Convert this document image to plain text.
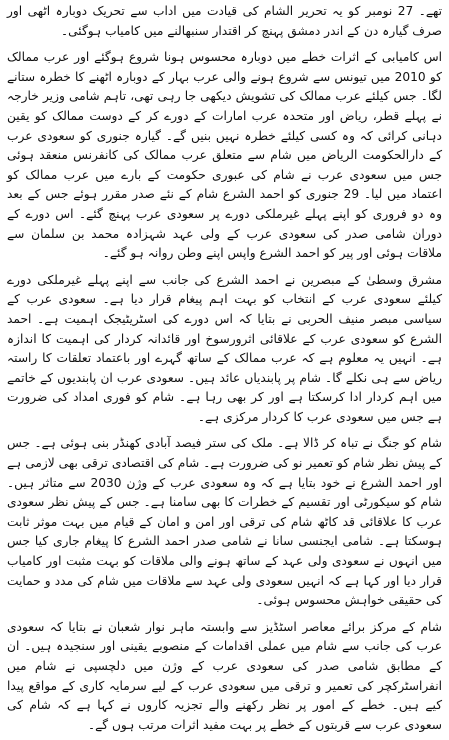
تھے۔ 27 نومبر کو یہ تحریر الشام کی قیادت میں اداب سے تحریک دوبارہ اٹھی اور صرف گیارہ دن کے اندر دمشق پہنچ کر اقتدار سنبھالنے میں کامیاب ہوگئی۔

اس کامیابی کے اثرات خطے میں دوبارہ محسوس ہونا شروع ہوگئے اور عرب ممالک کو 2010 میں تیونس سے شروع ہونے والی عرب بہار کے دوبارہ اٹھنے کا خطرہ ستانے لگا۔ جس کیلئے عرب ممالک کی تشویش دیکھی جا رہی تھی، تاہم شامی وزیر خارجہ نے پہلے قطر، ریاض اور متحدہ عرب امارات کے دورے کر کے دوست ممالک کو یقین دہانی کرائی کہ وہ کسی کیلئے خطرہ نہیں بنیں گے۔ گیارہ جنوری کو سعودی عرب کے دارالحکومت الریاض میں شام سے متعلق عرب ممالک کی کانفرنس منعقد ہوئی جس میں سعودی عرب نے شام کی عبوری حکومت کے بارے میں عرب ممالک کو اعتماد میں لیا۔ 29 جنوری کو احمد الشرع شام کے نئے صدر مقرر ہوئے جس کے بعد وہ دو فروری کو اپنے پہلے غیرملکی دورے پر سعودی عرب پہنچ گئے۔ اس دورے کے دوران شامی صدر کی سعودی عرب کے ولی عہد شہزادہ محمد بن سلمان سے ملاقات ہوئی اور پیر کو احمد الشرع واپس اپنے وطن روانہ ہو گئے۔

مشرق وسطیٰ کے مبصرین نے احمد الشرع کی جانب سے اپنے پہلے غیرملکی دورے کیلئے سعودی عرب کے انتخاب کو بہت اہم پیغام قرار دیا ہے۔ سعودی عرب کے سیاسی مبصر منیف الحربی نے بتایا کہ اس دورے کی اسٹریٹیجک اہمیت ہے۔ احمد الشرع کو سعودی عرب کے علاقائی اثرورسوخ اور قائدانہ کردار کی اہمیت کا اندازہ ہے۔ انہیں یہ معلوم ہے کہ عرب ممالک کے ساتھ گہرے اور باعتماد تعلقات کا راستہ ریاض سے ہی نکلے گا۔ شام پر پابندیاں عائد ہیں۔ سعودی عرب ان پابندیوں کے خاتمے میں اہم کردار ادا کرسکتا ہے اور کر بھی رہا ہے۔ شام کو فوری امداد کی ضرورت ہے جس میں سعودی عرب کا کردار مرکزی ہے۔

شام کو جنگ نے تباہ کر ڈالا ہے۔ ملک کی ستر فیصد آبادی کھنڈر بنی ہوئی ہے۔ جس کے پیش نظر شام کو تعمیر نو کی ضرورت ہے۔ شام کی اقتصادی ترقی بھی لازمی ہے اور احمد الشرع نے خود بتایا ہے کہ وہ سعودی عرب کے وژن 2030 سے متاثر ہیں۔ شام کو سیکورٹی اور تقسیم کے خطرات کا بھی سامنا ہے۔ جس کے پیش نظر سعودی عرب کا علاقائی قد کاٹھ شام کی ترقی اور امن و امان کے قیام میں بہت موثر ثابت ہوسکتا ہے۔ شامی ایجنسی سانا نے شامی صدر احمد الشرع کا پیغام جاری کیا جس میں انہوں نے سعودی ولی عہد کے ساتھ ہونے والی ملاقات کو بہت مثبت اور کامیاب قرار دیا اور کہا ہے کہ انہیں سعودی ولی عہد سے ملاقات میں شام کی مدد و حمایت کی حقیقی خواہش محسوس ہوئی۔

شام کے مرکز برائے معاصر اسٹڈیز سے وابستہ ماہر نوار شعبان نے بتایا کہ سعودی عرب کی جانب سے شام میں عملی اقدامات کے منصوبے یقینی اور سنجیدہ ہیں۔ ان کے مطابق شامی صدر کی سعودی عرب کے وژن میں دلچسپی نے شام میں انفراسٹرکچر کی تعمیر و ترقی میں سعودی عرب کے لیے سرمایہ کاری کے مواقع پیدا کیے ہیں۔ خطے کے امور پر نظر رکھنے والے تجزیہ کاروں نے کہا ہے کہ شام کی سعودی عرب سے قربتوں کے خطے پر بہت مفید اثرات مرتب ہوں گے۔
